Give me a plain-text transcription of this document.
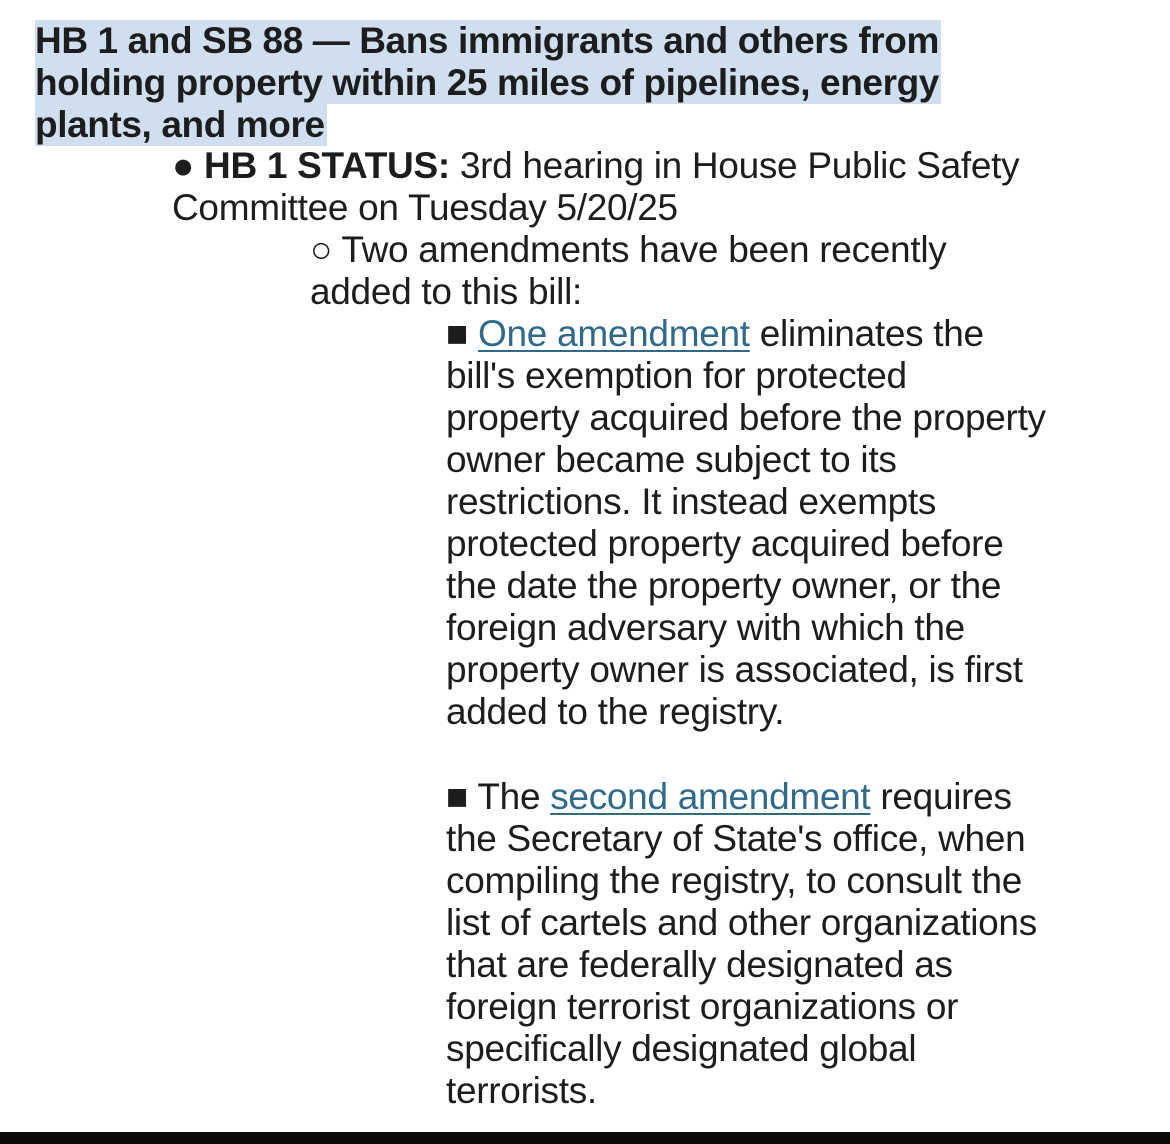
HB 1 and SB 88 — Bans immigrants and others from holding property within 25 miles of pipelines, energy plants, and more
● HB 1 STATUS: 3rd hearing in House Public Safety
Committee on Tuesday 5/20/25
○ Two amendments have been recently
added to this bill:
■ One amendment eliminates the
bill's exemption for protected
property acquired before the property
owner became subject to its
restrictions. It instead exempts
protected property acquired before
the date the property owner, or the
foreign adversary with which the
property owner is associated, is first
added to the registry.
■ The second amendment requires
the Secretary of State's office, when
compiling the registry, to consult the
list of cartels and other organizations
that are federally designated as
foreign terrorist organizations or
specifically designated global
terrorists.
